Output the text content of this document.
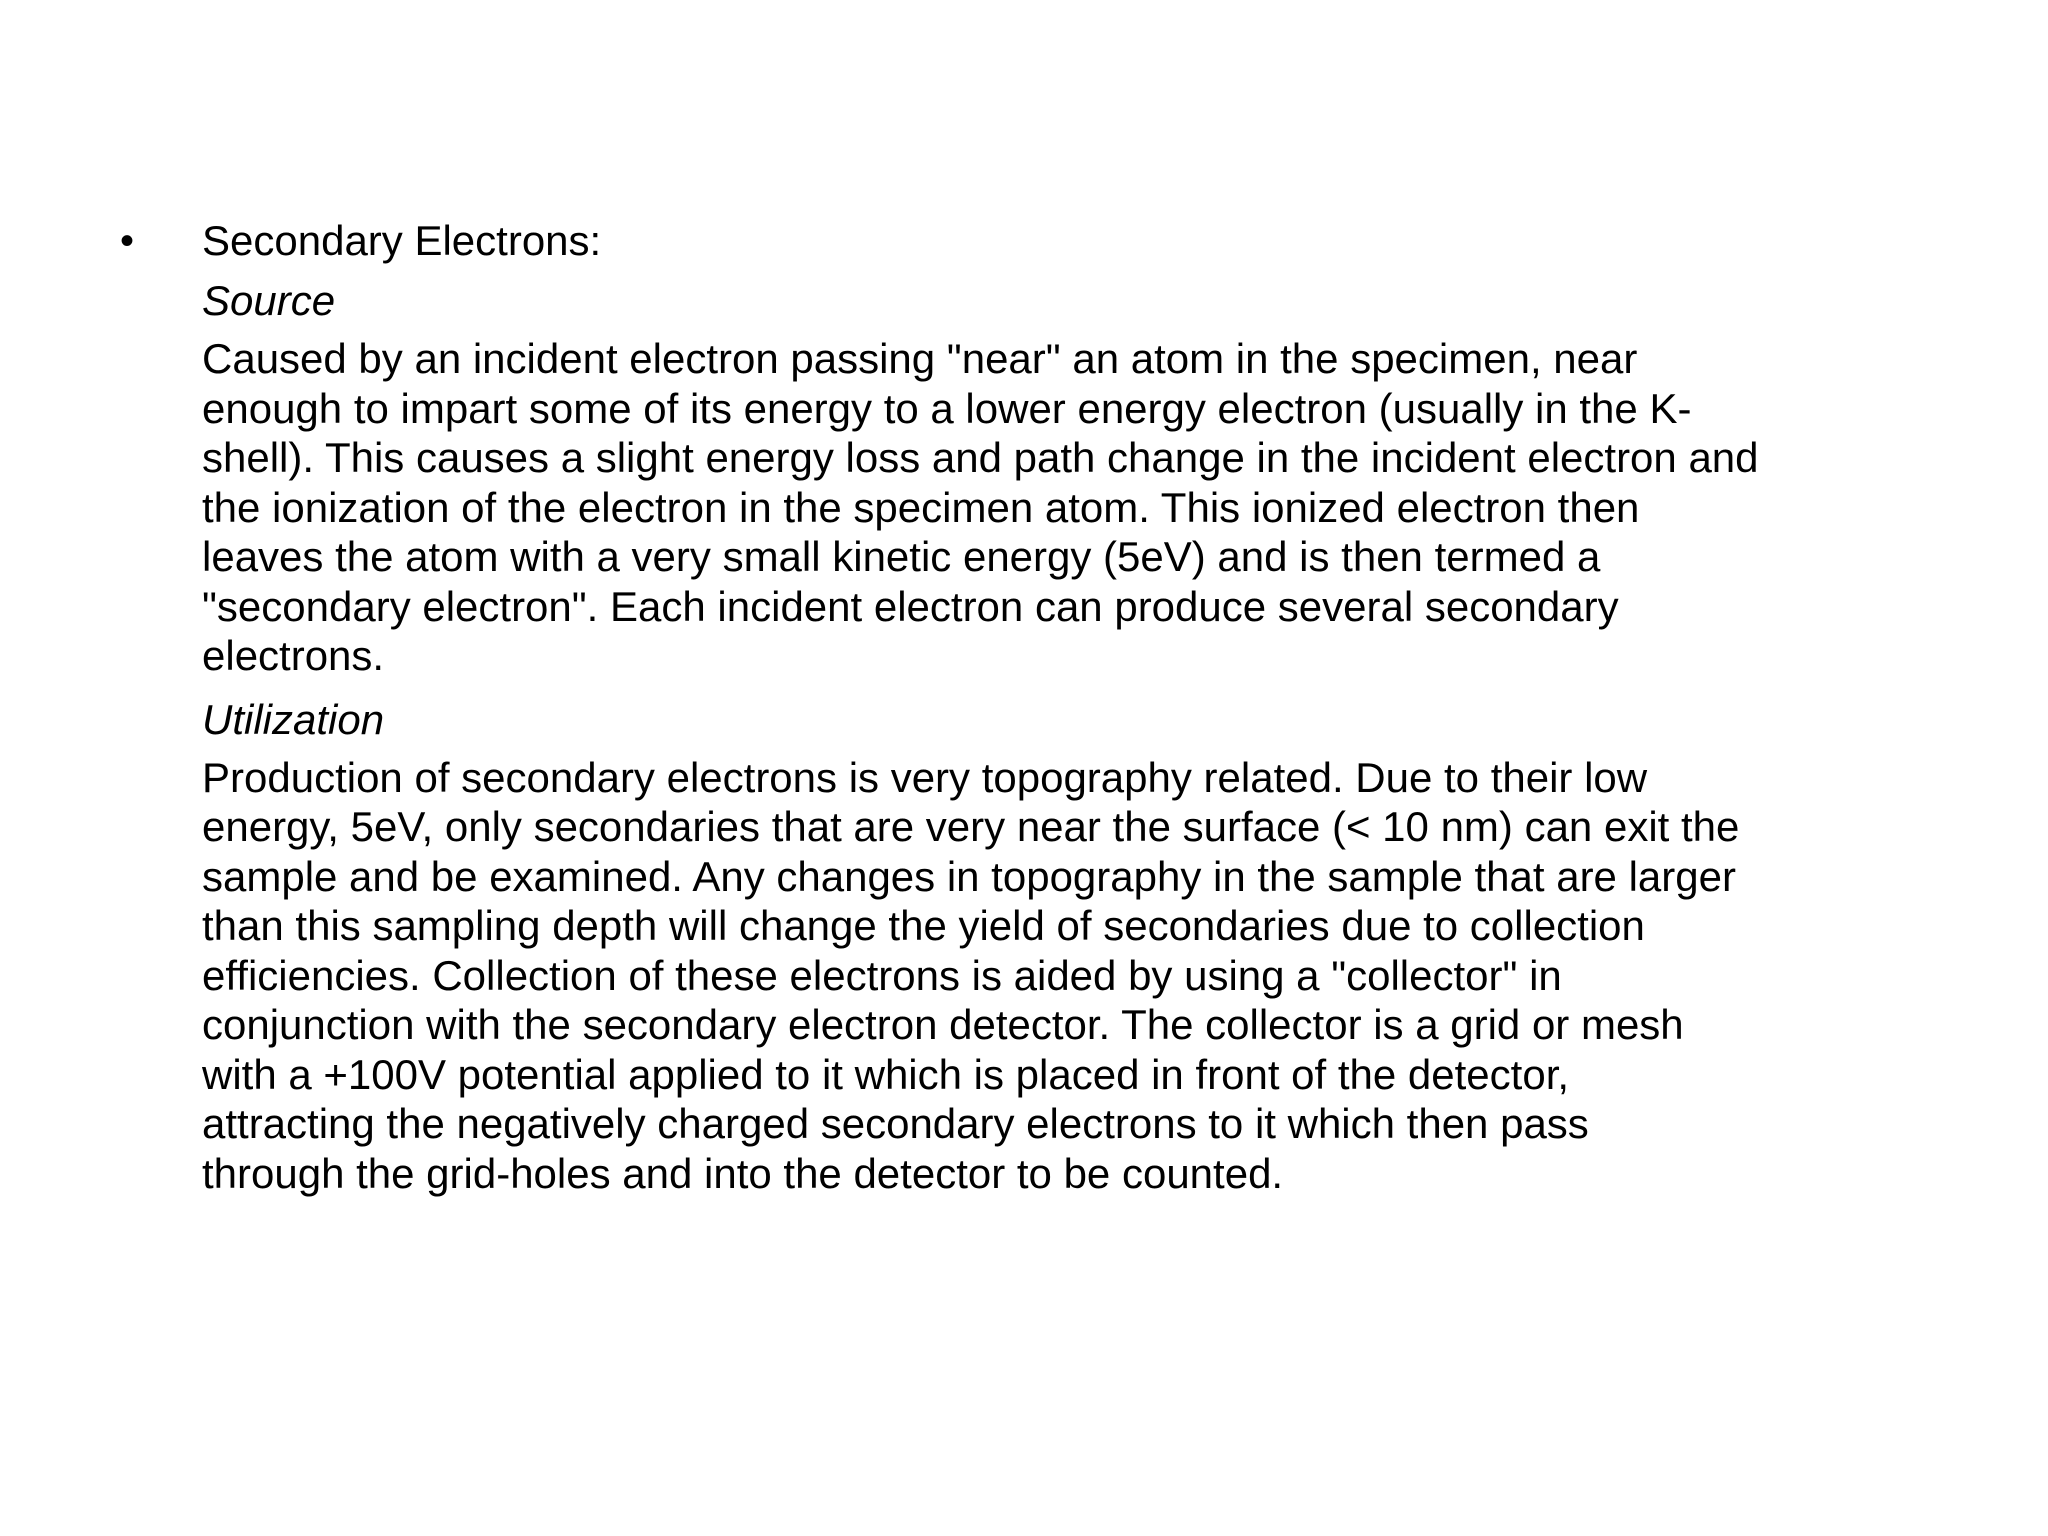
• Secondary Electrons:
Source
Caused by an incident electron passing "near" an atom in the specimen, near
enough to impart some of its energy to a lower energy electron (usually in the K-
shell). This causes a slight energy loss and path change in the incident electron and
the ionization of the electron in the specimen atom. This ionized electron then
leaves the atom with a very small kinetic energy (5eV) and is then termed a
"secondary electron". Each incident electron can produce several secondary
electrons.
Utilization
Production of secondary electrons is very topography related. Due to their low
energy, 5eV, only secondaries that are very near the surface (< 10 nm) can exit the
sample and be examined. Any changes in topography in the sample that are larger
than this sampling depth will change the yield of secondaries due to collection
efficiencies. Collection of these electrons is aided by using a "collector" in
conjunction with the secondary electron detector. The collector is a grid or mesh
with a +100V potential applied to it which is placed in front of the detector,
attracting the negatively charged secondary electrons to it which then pass
through the grid-holes and into the detector to be counted.
